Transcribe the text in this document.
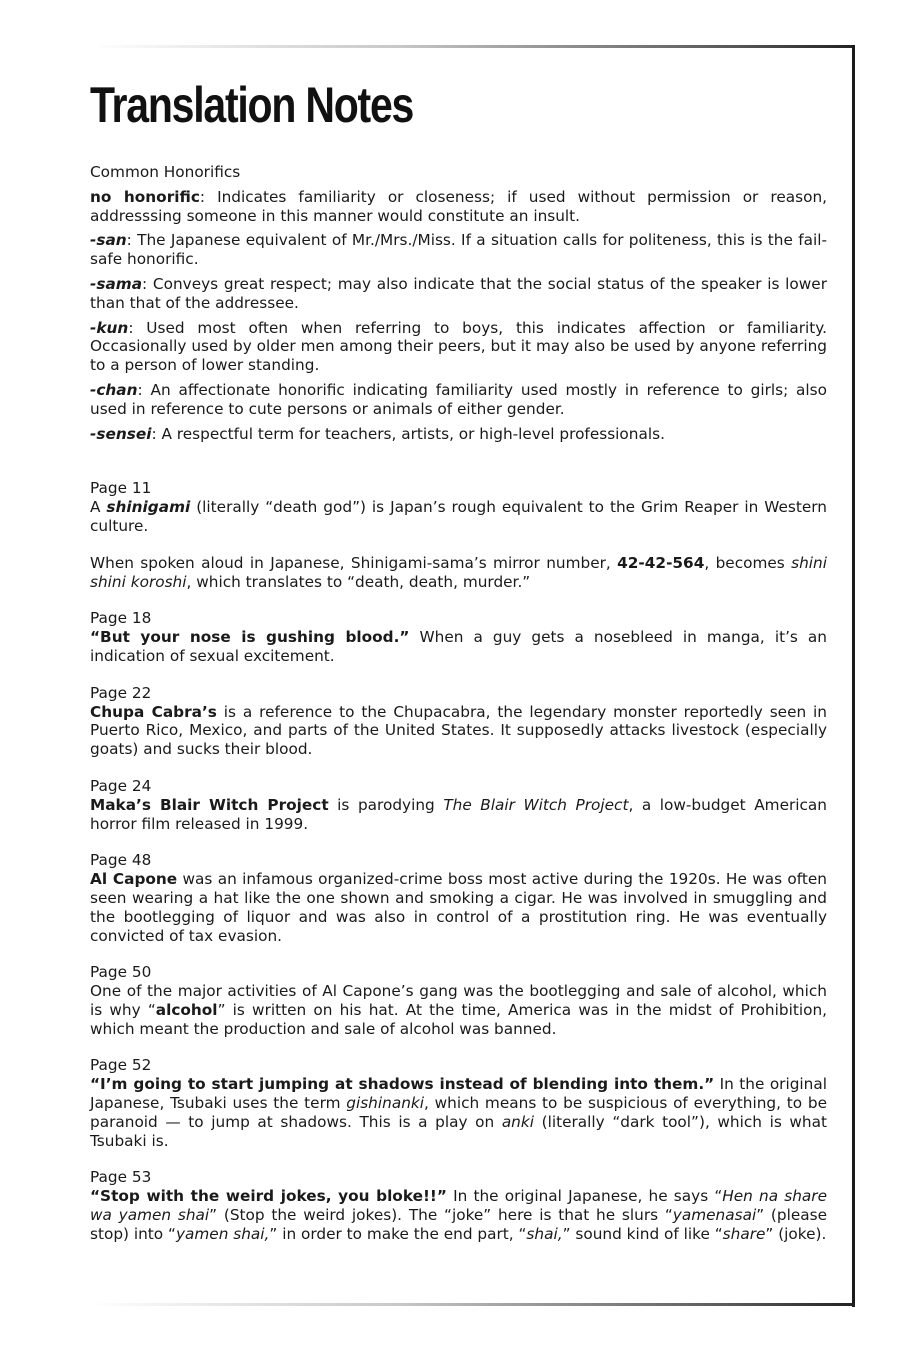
Translation Notes
Common Honorifics

no honorific: Indicates familiarity or closeness; if used without permission or reason, addresssing someone in this manner would constitute an insult.

-san: The Japanese equivalent of Mr./Mrs./Miss. If a situation calls for politeness, this is the fail-safe honorific.

-sama: Conveys great respect; may also indicate that the social status of the speaker is lower than that of the addressee.

-kun: Used most often when referring to boys, this indicates affection or familiarity. Occasionally used by older men among their peers, but it may also be used by anyone referring to a person of lower standing.

-chan: An affectionate honorific indicating familiarity used mostly in reference to girls; also used in reference to cute persons or animals of either gender.

-sensei: A respectful term for teachers, artists, or high-level professionals.

Page 11

A shinigami (literally “death god”) is Japan’s rough equivalent to the Grim Reaper in Western culture.

When spoken aloud in Japanese, Shinigami-sama’s mirror number, 42-42-564, becomes shini shini koroshi, which translates to “death, death, murder.”

Page 18

“But your nose is gushing blood.” When a guy gets a nosebleed in manga, it’s an indication of sexual excitement.

Page 22

Chupa Cabra’s is a reference to the Chupacabra, the legendary monster reportedly seen in Puerto Rico, Mexico, and parts of the United States. It supposedly attacks livestock (especially goats) and sucks their blood.

Page 24

Maka’s Blair Witch Project is parodying The Blair Witch Project, a low-budget American horror film released in 1999.

Page 48

Al Capone was an infamous organized-crime boss most active during the 1920s. He was often seen wearing a hat like the one shown and smoking a cigar. He was involved in smuggling and the bootlegging of liquor and was also in control of a prostitution ring. He was eventually convicted of tax evasion.

Page 50

One of the major activities of Al Capone’s gang was the bootlegging and sale of alcohol, which is why “alcohol” is written on his hat. At the time, America was in the midst of Prohibition, which meant the production and sale of alcohol was banned.

Page 52

“I’m going to start jumping at shadows instead of blending into them.” In the original Japanese, Tsubaki uses the term gishinanki, which means to be suspicious of everything, to be paranoid — to jump at shadows. This is a play on anki (literally “dark tool”), which is what Tsubaki is.

Page 53

“Stop with the weird jokes, you bloke!!” In the original Japanese, he says “Hen na share wa yamen shai” (Stop the weird jokes). The “joke” here is that he slurs “yamenasai” (please stop) into “yamen shai,” in order to make the end part, “shai,” sound kind of like “share” (joke).
